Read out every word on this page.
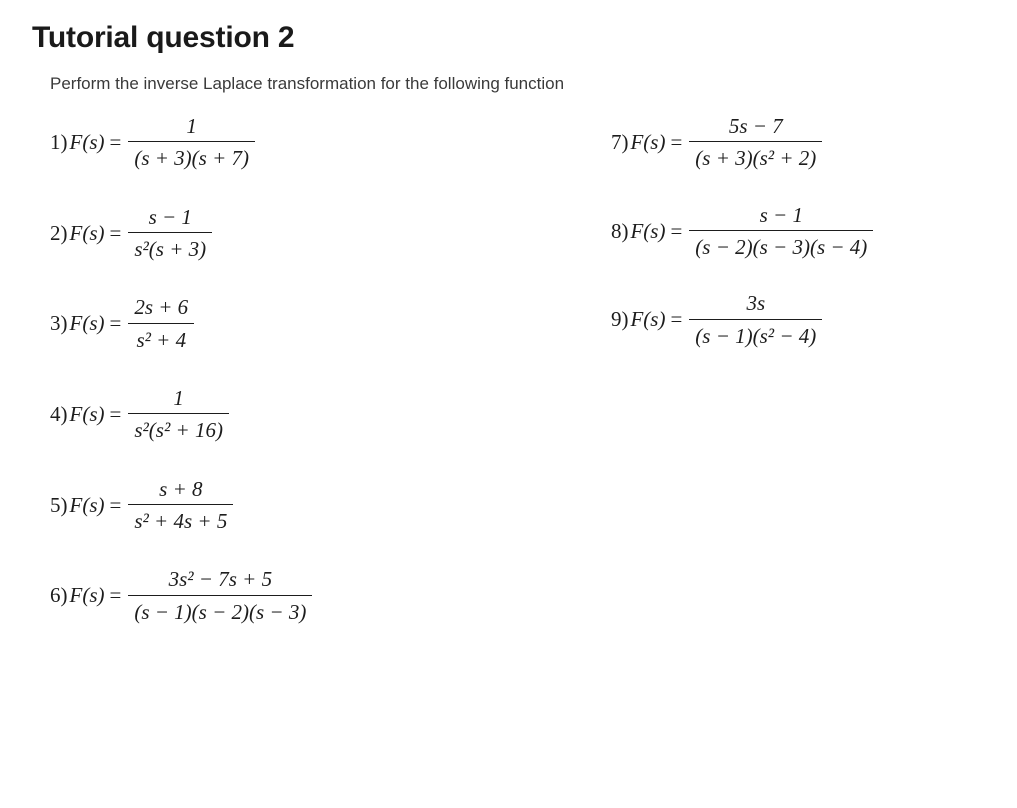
Tutorial question 2

Perform the inverse Laplace transformation for the following function

1) $F(s) = \frac{1}{(s + 3)(s + 7)}$
2) $F(s) = \frac{s - 1}{\text{s²(s + 3)}}$
3) $F(s) = \frac{2s + 6}{\text{s² + 4}}$
4) $F(s) = \frac{1}{\text{s²(s² + 16)}}$
5) $F(s) = \frac{s + 8}{\text{s² + 4s + 5}}$
6) $F(s) = \frac{\text{3s² − 7s + 5}}{(s - 1)(s - 2)(s - 3)}$
7) $F(s) = \frac{5s - 7}{\text{(s + 3)(s² + 2)}}$
8) $F(s) = \frac{s - 1}{(s - 2)(s - 3)(s - 4)}$
9) $F(s) = \frac{3s}{\text{(s − 1)(s² − 4)}}$
